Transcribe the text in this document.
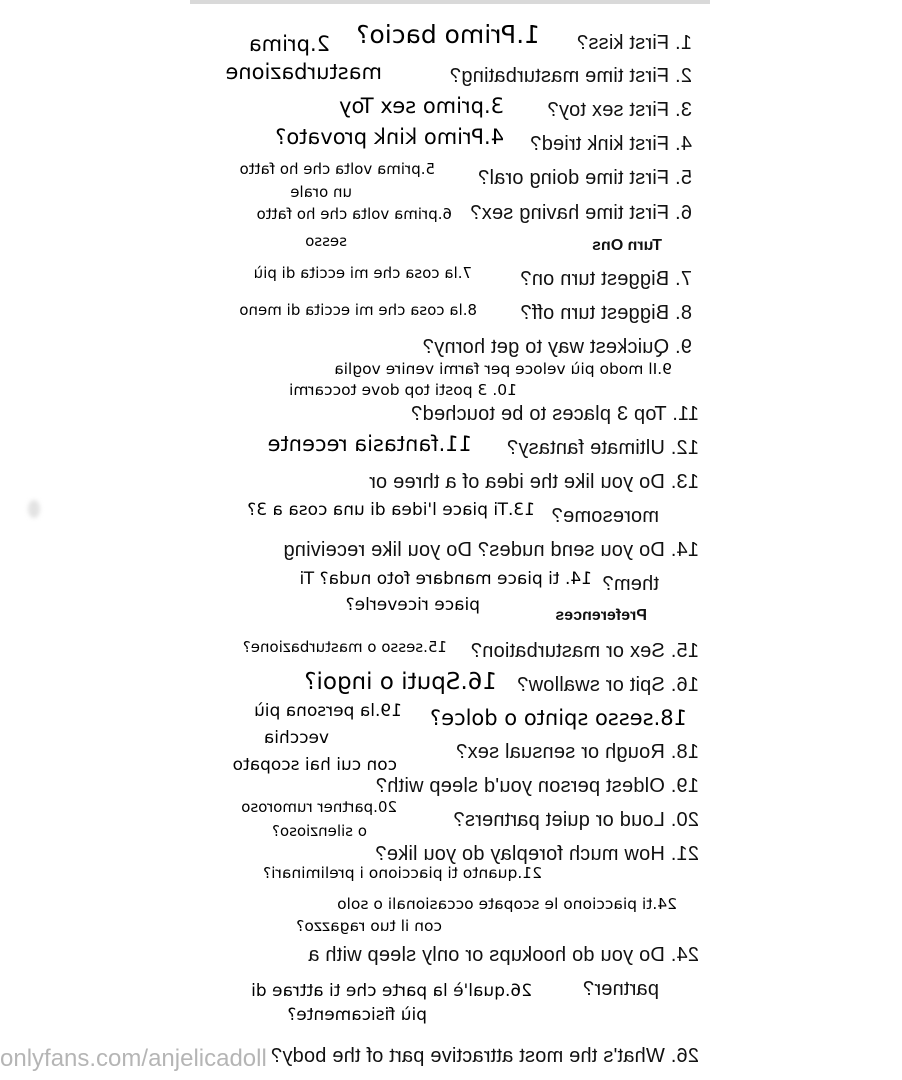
1. First kiss?
2. First time masturbating?
3. First sex toy?
4. First kink tried?
5. First time doing oral?
6. First time having sex?
Turn Ons
7. Biggest turn on?
8. Biggest turn off?
9. Quickest way to get horny?
11. Top 3 places to be touched?
12. Ultimate fantasy?
13. Do you like the idea of a three or
moresome?
14. Do you send nudes? Do you like receiving
them?
Preferences
15. Sex or masturbation?
16. Spit or swallow?
18. Rough or sensual sex?
19. Oldest person you'd sleep with?
20. Loud or quiet partners?
21. How much foreplay do you like?
24. Do you do hookups or only sleep with a
partner?
26. What's the most attractive part of the body?
1.Primo bacio?
2.prima
masturbazione
3.primo sex Toy
4.Primo kink provato?
5.prima volta che ho fatto
un orale
6.prima volta che ho fatto
sesso
7.la cosa che mi eccita di più
8.la cosa che mi eccita di meno
9.Il modo più veloce per farmi venire voglia
10. 3 posti top dove toccarmi
11.fantasia recente
13.Ti piace l'idea di una cosa a 3?
14. ti piace mandare foto nuda? Ti
piace riceverle?
15.sesso o masturbazione?
16.Sputi o ingoi?
18.sesso spinto o dolce?
19.la persona più
vecchia
con cui hai scopato
20.partner rumoroso
o silenzioso?
21.quanto ti piacciono i preliminari?
24.ti piacciono le scopate occasionali o solo
con il tuo ragazzo?
26.qual'è la parte che ti attrae di
più fisicamente?
onlyfans.com/anjelicadoll
